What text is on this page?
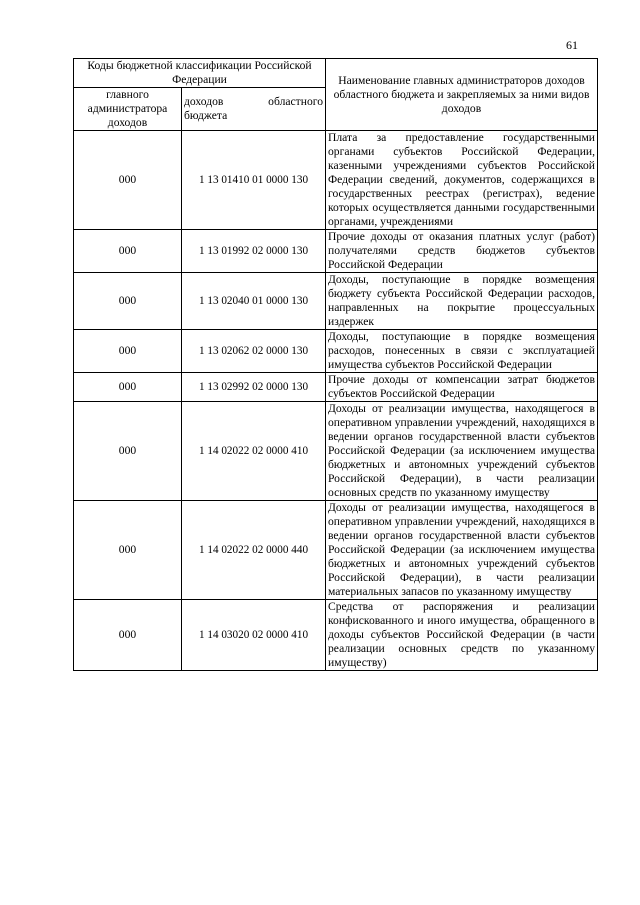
61
Коды бюджетной классификации Российской Федерации		Наименование главных администраторов доходов областного бюджета и закрепляемых за ними видов доходов
главного администратора доходов	доходов областного бюджета	
000	1 13 01410 01 0000 130	Плата за предоставление государственными органами субъектов Российской Федерации, казенными учреждениями субъектов Российской Федерации сведений, документов, содержащихся в государственных реестрах (регистрах), ведение которых осуществляется данными государственными органами, учреждениями
000	1 13 01992 02 0000 130	Прочие доходы от оказания платных услуг (работ) получателями средств бюджетов субъектов Российской Федерации
000	1 13 02040 01 0000 130	Доходы, поступающие в порядке возмещения бюджету субъекта Российской Федерации расходов, направленных на покрытие процессуальных издержек
000	1 13 02062 02 0000 130	Доходы, поступающие в порядке возмещения расходов, понесенных в связи с эксплуатацией имущества субъектов Российской Федерации
000	1 13 02992 02 0000 130	Прочие доходы от компенсации затрат бюджетов субъектов Российской Федерации
000	1 14 02022 02 0000 410	Доходы от реализации имущества, находящегося в оперативном управлении учреждений, находящихся в ведении органов государственной власти субъектов Российской Федерации (за исключением имущества бюджетных и автономных учреждений субъектов Российской Федерации), в части реализации основных средств по указанному имуществу
000	1 14 02022 02 0000 440	Доходы от реализации имущества, находящегося в оперативном управлении учреждений, находящихся в ведении органов государственной власти субъектов Российской Федерации (за исключением имущества бюджетных и автономных учреждений субъектов Российской Федерации), в части реализации материальных запасов по указанному имуществу
000	1 14 03020 02 0000 410	Средства от распоряжения и реализации конфискованного и иного имущества, обращенного в доходы субъектов Российской Федерации (в части реализации основных средств по указанному имуществу)
